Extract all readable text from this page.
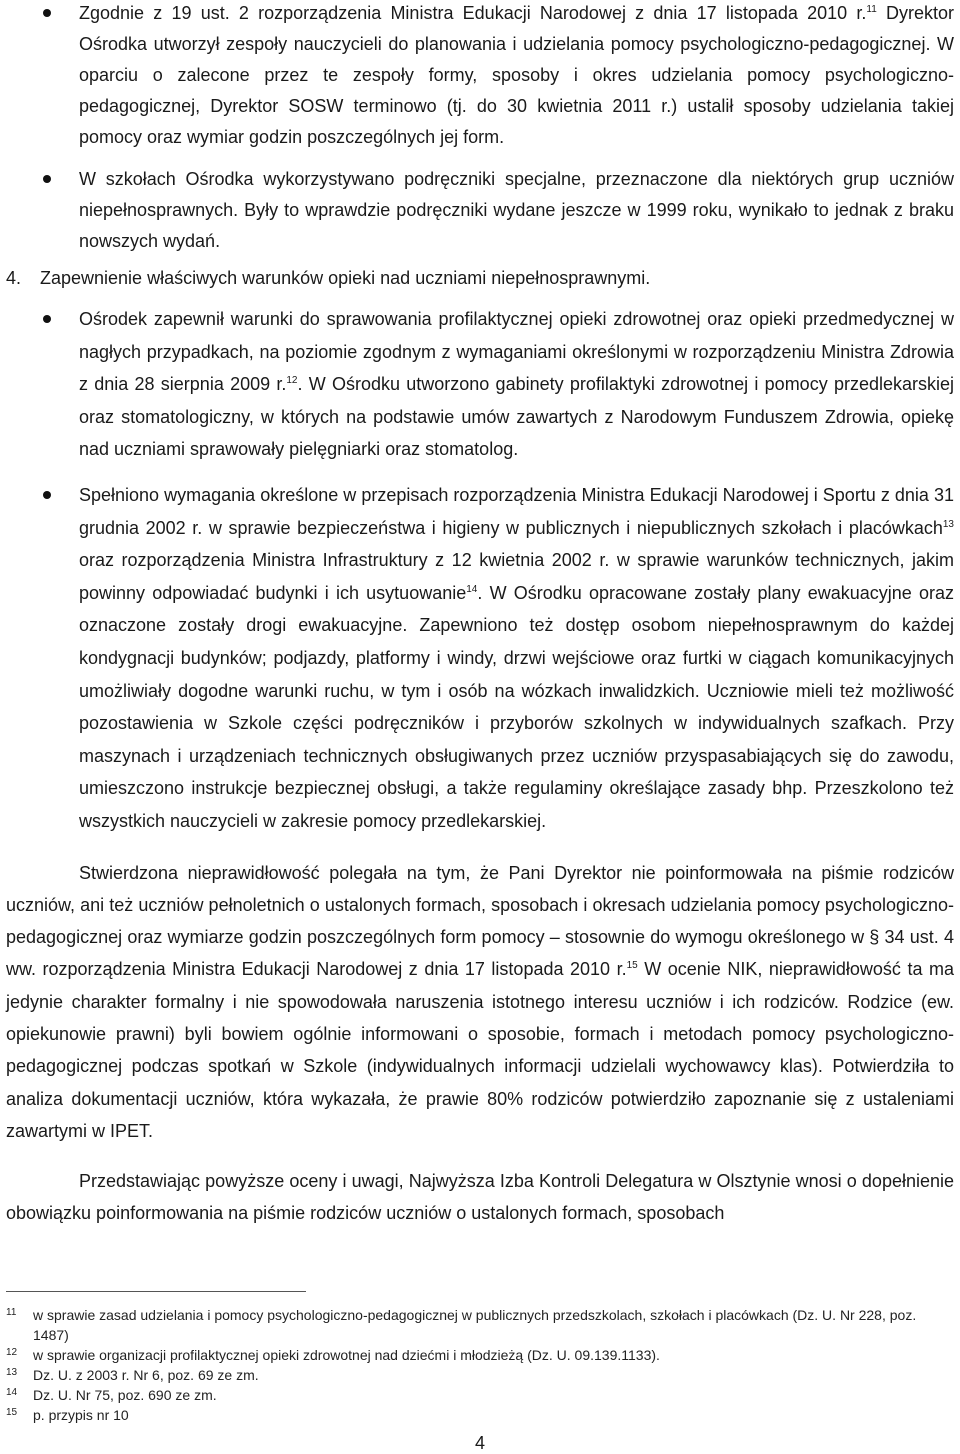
Zgodnie z 19 ust. 2 rozporządzenia Ministra Edukacji Narodowej z dnia 17 listopada 2010 r.$^{11}$ Dyrektor Ośrodka utworzył zespoły nauczycieli do planowania i udzielania pomocy psychologiczno-pedagogicznej. W oparciu o zalecone przez te zespoły formy, sposoby i okres udzielania pomocy psychologiczno-pedagogicznej, Dyrektor SOSW terminowo (tj. do 30 kwietnia 2011 r.) ustalił sposoby udzielania takiej pomocy oraz wymiar godzin poszczególnych jej form.
W szkołach Ośrodka wykorzystywano podręczniki specjalne, przeznaczone dla niektórych grup uczniów niepełnosprawnych. Były to wprawdzie podręczniki wydane jeszcze w 1999 roku, wynikało to jednak z braku nowszych wydań.
4. Zapewnienie właściwych warunków opieki nad uczniami niepełnosprawnymi.
Ośrodek zapewnił warunki do sprawowania profilaktycznej opieki zdrowotnej oraz opieki przedmedycznej w nagłych przypadkach, na poziomie zgodnym z wymaganiami określonymi w rozporządzeniu Ministra Zdrowia z dnia 28 sierpnia 2009 r.$^{12}$. W Ośrodku utworzono gabinety profilaktyki zdrowotnej i pomocy przedlekarskiej oraz stomatologiczny, w których na podstawie umów zawartych z Narodowym Funduszem Zdrowia, opiekę nad uczniami sprawowały pielęgniarki oraz stomatolog.
Spełniono wymagania określone w przepisach rozporządzenia Ministra Edukacji Narodowej i Sportu z dnia 31 grudnia 2002 r. w sprawie bezpieczeństwa i higieny w publicznych i niepublicznych szkołach i placówkach$^{13}$ oraz rozporządzenia Ministra Infrastruktury z 12 kwietnia 2002 r. w sprawie warunków technicznych, jakim powinny odpowiadać budynki i ich usytuowanie$^{14}$. W Ośrodku opracowane zostały plany ewakuacyjne oraz oznaczone zostały drogi ewakuacyjne. Zapewniono też dostęp osobom niepełnosprawnym do każdej kondygnacji budynków; podjazdy, platformy i windy, drzwi wejściowe oraz furtki w ciągach komunikacyjnych umożliwiały dogodne warunki ruchu, w tym i osób na wózkach inwalidzkich. Uczniowie mieli też możliwość pozostawienia w Szkole części podręczników i przyborów szkolnych w indywidualnych szafkach. Przy maszynach i urządzeniach technicznych obsługiwanych przez uczniów przyspasabiających się do zawodu, umieszczono instrukcje bezpiecznej obsługi, a także regulaminy określające zasady bhp. Przeszkolono też wszystkich nauczycieli w zakresie pomocy przedlekarskiej.

Stwierdzona nieprawidłowość polegała na tym, że Pani Dyrektor nie poinformowała na piśmie rodziców uczniów, ani też uczniów pełnoletnich o ustalonych formach, sposobach i okresach udzielania pomocy psychologiczno-pedagogicznej oraz wymiarze godzin poszczególnych form pomocy – stosownie do wymogu określonego w § 34 ust. 4 ww. rozporządzenia Ministra Edukacji Narodowej z dnia 17 listopada 2010 r.$^{15}$ W ocenie NIK, nieprawidłowość ta ma jedynie charakter formalny i nie spowodowała naruszenia istotnego interesu uczniów i ich rodziców. Rodzice (ew. opiekunowie prawni) byli bowiem ogólnie informowani o sposobie, formach i metodach pomocy psychologiczno-pedagogicznej podczas spotkań w Szkole (indywidualnych informacji udzielali wychowawcy klas). Potwierdziła to analiza dokumentacji uczniów, która wykazała, że prawie 80% rodziców potwierdziło zapoznanie się z ustaleniami zawartymi w IPET.

Przedstawiając powyższe oceny i uwagi, Najwyższa Izba Kontroli Delegatura w Olsztynie wnosi o dopełnienie obowiązku poinformowania na piśmie rodziców uczniów o ustalonych formach, sposobach

11 w sprawie zasad udzielania i pomocy psychologiczno-pedagogicznej w publicznych przedszkolach, szkołach i placówkach (Dz. U. Nr 228, poz. 1487)
12 w sprawie organizacji profilaktycznej opieki zdrowotnej nad dziećmi i młodzieżą (Dz. U. 09.139.1133).
13 Dz. U. z 2003 r. Nr 6, poz. 69 ze zm.
14 Dz. U. Nr 75, poz. 690 ze zm.
15 p. przypis nr 10
4
